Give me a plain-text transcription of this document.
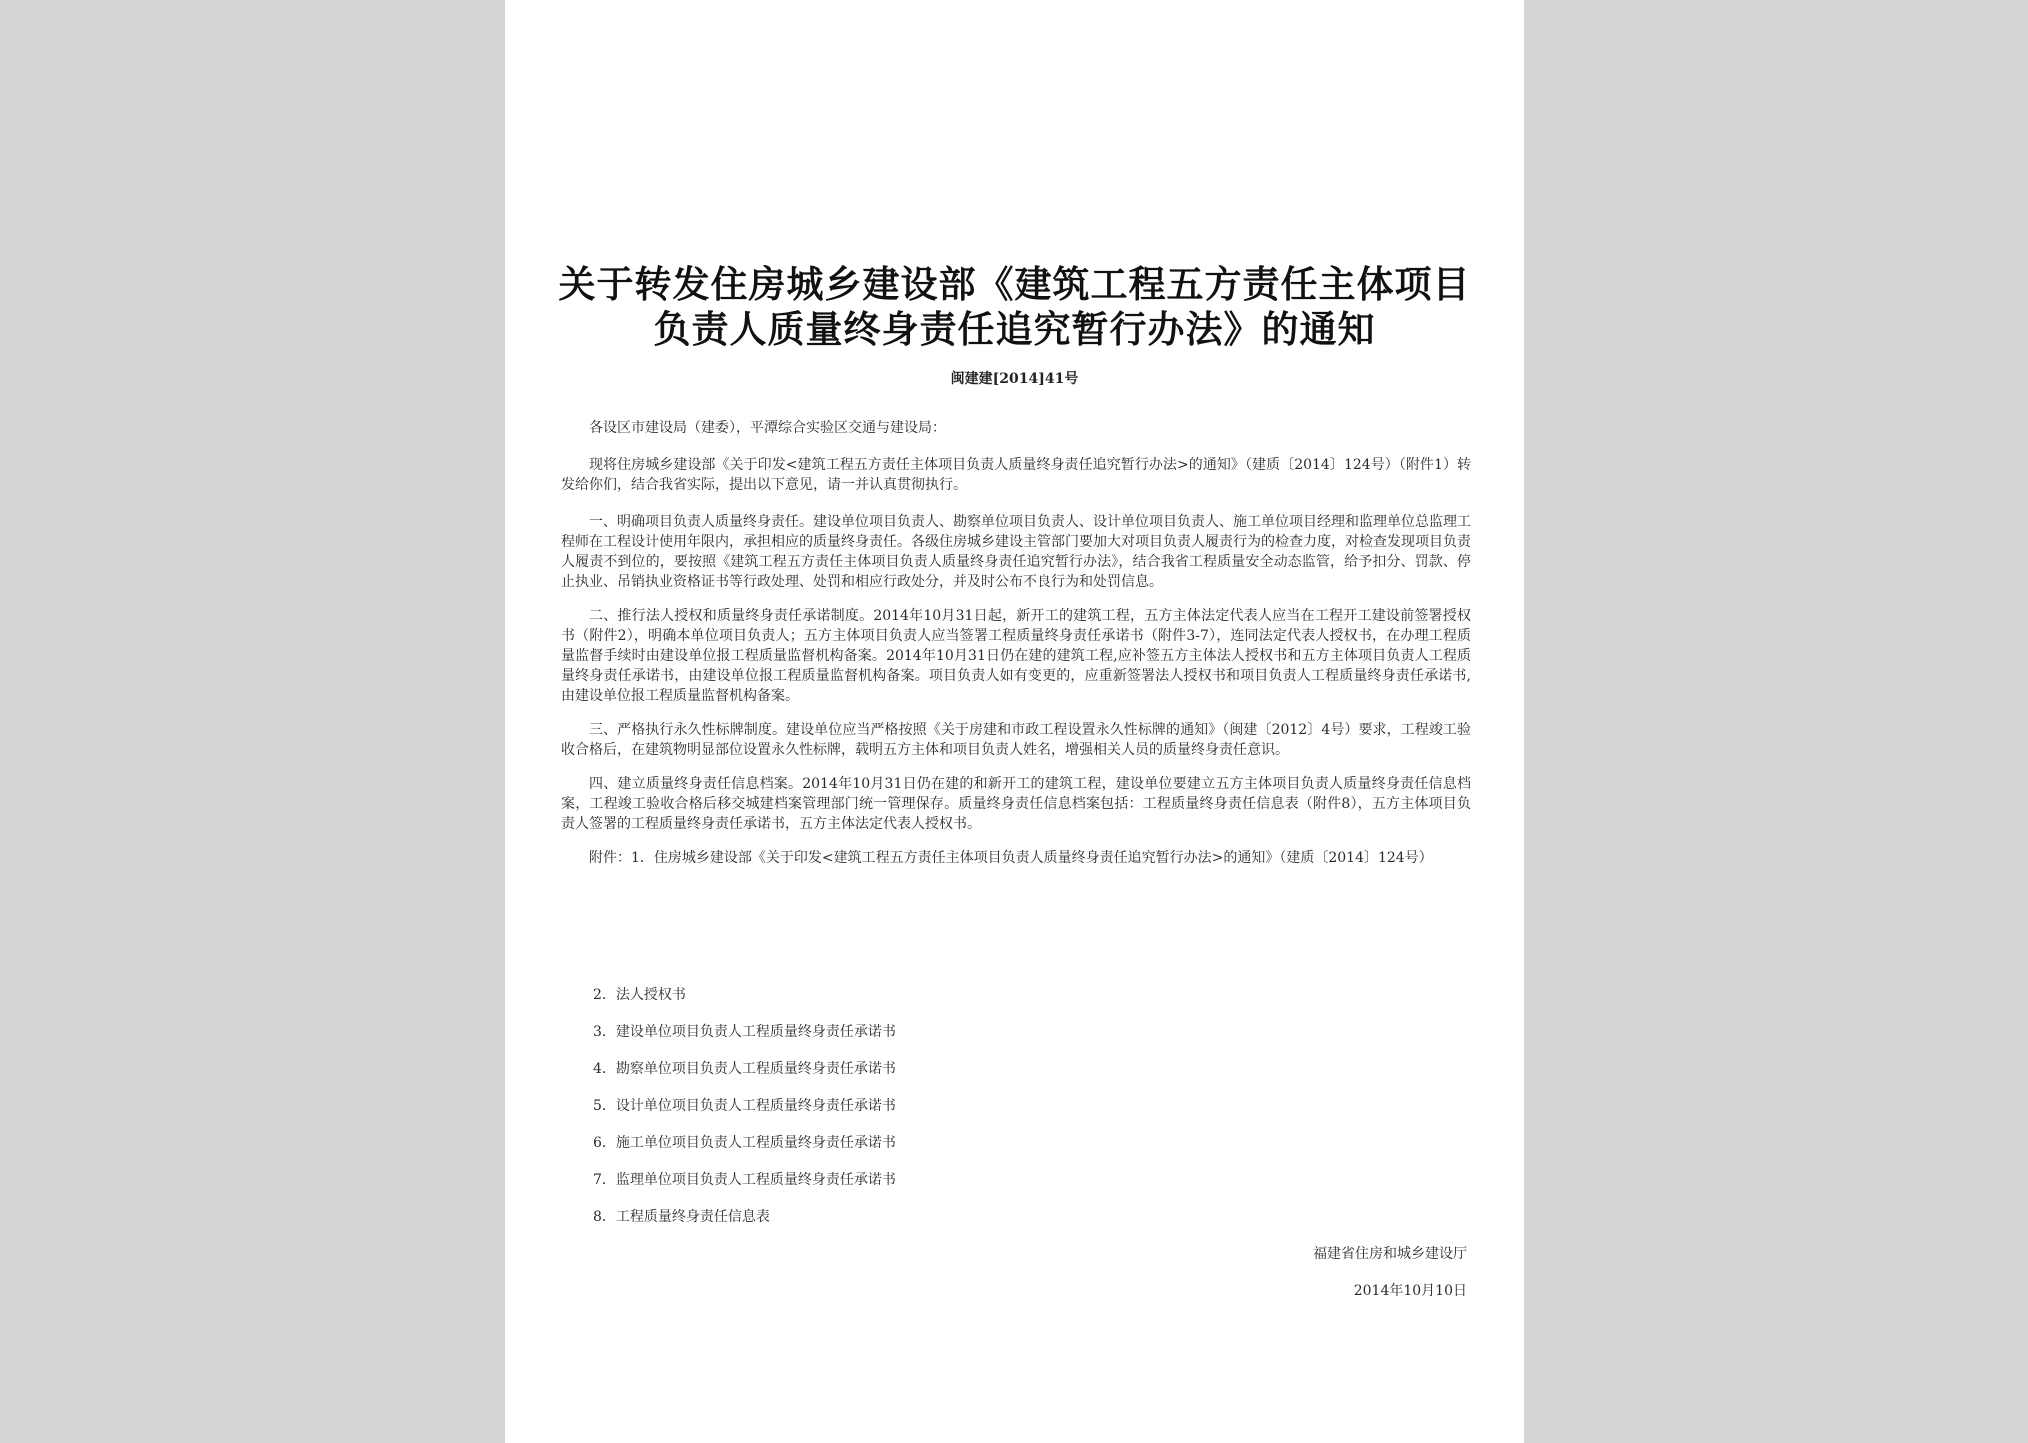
关于转发住房城乡建设部《建筑工程五方责任主体项目
负责人质量终身责任追究暂行办法》的通知
闽建建[2014]41号

各设区市建设局（建委），平潭综合实验区交通与建设局：

现将住房城乡建设部《关于印发<建筑工程五方责任主体项目负责人质量终身责任追究暂行办法>的通知》（建质〔2014〕124号）（附件1）转发给你们，结合我省实际，提出以下意见，请一并认真贯彻执行。

一、明确项目负责人质量终身责任。建设单位项目负责人、勘察单位项目负责人、设计单位项目负责人、施工单位项目经理和监理单位总监理工程师在工程设计使用年限内，承担相应的质量终身责任。各级住房城乡建设主管部门要加大对项目负责人履责行为的检查力度，对检查发现项目负责人履责不到位的，要按照《建筑工程五方责任主体项目负责人质量终身责任追究暂行办法》，结合我省工程质量安全动态监管，给予扣分、罚款、停止执业、吊销执业资格证书等行政处理、处罚和相应行政处分，并及时公布不良行为和处罚信息。

二、推行法人授权和质量终身责任承诺制度。2014年10月31日起，新开工的建筑工程，五方主体法定代表人应当在工程开工建设前签署授权书（附件2），明确本单位项目负责人；五方主体项目负责人应当签署工程质量终身责任承诺书（附件3-7），连同法定代表人授权书，在办理工程质量监督手续时由建设单位报工程质量监督机构备案。2014年10月31日仍在建的建筑工程,应补签五方主体法人授权书和五方主体项目负责人工程质量终身责任承诺书，由建设单位报工程质量监督机构备案。项目负责人如有变更的，应重新签署法人授权书和项目负责人工程质量终身责任承诺书,由建设单位报工程质量监督机构备案。

三、严格执行永久性标牌制度。建设单位应当严格按照《关于房建和市政工程设置永久性标牌的通知》（闽建〔2012〕4号）要求，工程竣工验收合格后，在建筑物明显部位设置永久性标牌，载明五方主体和项目负责人姓名，增强相关人员的质量终身责任意识。

四、建立质量终身责任信息档案。2014年10月31日仍在建的和新开工的建筑工程，建设单位要建立五方主体项目负责人质量终身责任信息档案，工程竣工验收合格后移交城建档案管理部门统一管理保存。质量终身责任信息档案包括：工程质量终身责任信息表（附件8），五方主体项目负责人签署的工程质量终身责任承诺书，五方主体法定代表人授权书。

附件：1．住房城乡建设部《关于印发<建筑工程五方责任主体项目负责人质量终身责任追究暂行办法>的通知》（建质〔2014〕124号）

2．法人授权书
3．建设单位项目负责人工程质量终身责任承诺书
4．勘察单位项目负责人工程质量终身责任承诺书
5．设计单位项目负责人工程质量终身责任承诺书
6．施工单位项目负责人工程质量终身责任承诺书
7．监理单位项目负责人工程质量终身责任承诺书
8．工程质量终身责任信息表
福建省住房和城乡建设厅
2014年10月10日
